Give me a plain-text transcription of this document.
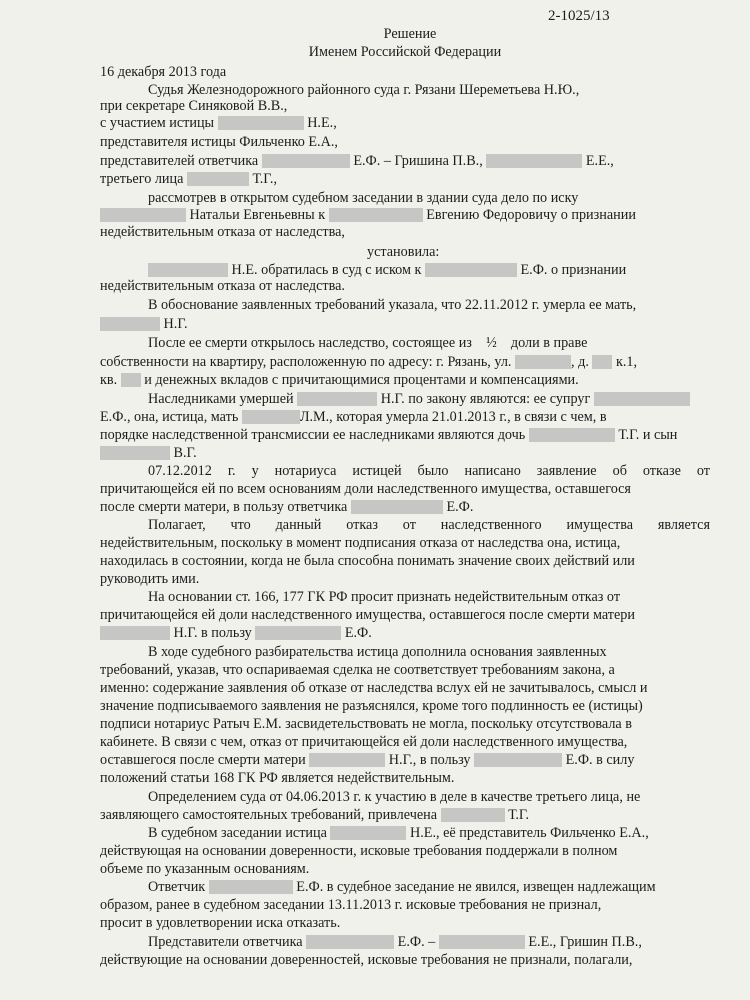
2-1025/13
Решение
Именем Российской Федерации
16 декабря 2013 года
Судья Железнодорожного районного суда г. Рязани Шереметьева Н.Ю.,
при секретаре Синяковой В.В.,
с участием истицы	Н.Е.,
представителя истицы Фильченко Е.А.,
представителей ответчика	Е.Ф. – Гришина П.В.,	Е.Е.,
третьего лица	Т.Г.,
рассмотрев в открытом судебном заседании в здании суда дело по иску
Натальи Евгеньевны к	Евгению Федоровичу о признании
недействительным отказа от наследства,
установила:
Н.Е. обратилась в суд с иском к	Е.Ф. о признании
недействительным отказа от наследства.
В обоснование заявленных требований указала, что 22.11.2012 г. умерла ее мать,
Н.Г.
После ее смерти открылось наследство, состоящее из ½ доли в праве
собственности на квартиру, расположенную по адресу: г. Рязань, ул.	, д. к.1,
кв. и денежных вкладов с причитающимися процентами и компенсациями.
Наследниками умершей	Н.Г. по закону являются: ее супруг
Е.Ф., она, истица, мать	Л.М., которая умерла 21.01.2013 г., в связи с чем, в
порядке наследственной трансмиссии ее наследниками являются дочь	Т.Г. и сын
В.Г.
07.12.2012 г. у нотариуса истицей было написано заявление об отказе от
причитающейся ей по всем основаниям доли наследственного имущества, оставшегося
после смерти матери, в пользу ответчика	Е.Ф.
Полагает, что данный отказ от наследственного имущества является
недействительным, поскольку в момент подписания отказа от наследства она, истица,
находилась в состоянии, когда не была способна понимать значение своих действий или
руководить ими.
На основании ст. 166, 177 ГК РФ просит признать недействительным отказ от
причитающейся ей доли наследственного имущества, оставшегося после смерти матери
Н.Г. в пользу	Е.Ф.
В ходе судебного разбирательства истица дополнила основания заявленных
требований, указав, что оспариваемая сделка не соответствует требованиям закона, а
именно: содержание заявления об отказе от наследства вслух ей не зачитывалось, смысл и
значение подписываемого заявления не разъяснялся, кроме того подлинность ее (истицы)
подписи нотариус Ратыч Е.М. засвидетельствовать не могла, поскольку отсутствовала в
кабинете. В связи с чем, отказ от причитающейся ей доли наследственного имущества,
оставшегося после смерти матери	Н.Г., в пользу	Е.Ф. в силу
положений статьи 168 ГК РФ является недействительным.
Определением суда от 04.06.2013 г. к участию в деле в качестве третьего лица, не
заявляющего самостоятельных требований, привлечена	Т.Г.
В судебном заседании истица	Н.Е., её представитель Фильченко Е.А.,
действующая на основании доверенности, исковые требования поддержали в полном
объеме по указанным основаниям.
Ответчик	Е.Ф. в судебное заседание не явился, извещен надлежащим
образом, ранее в судебном заседании 13.11.2013 г. исковые требования не признал,
просит в удовлетворении иска отказать.
Представители ответчика	Е.Ф. –	Е.Е., Гришин П.В.,
действующие на основании доверенностей, исковые требования не признали, полагали,
